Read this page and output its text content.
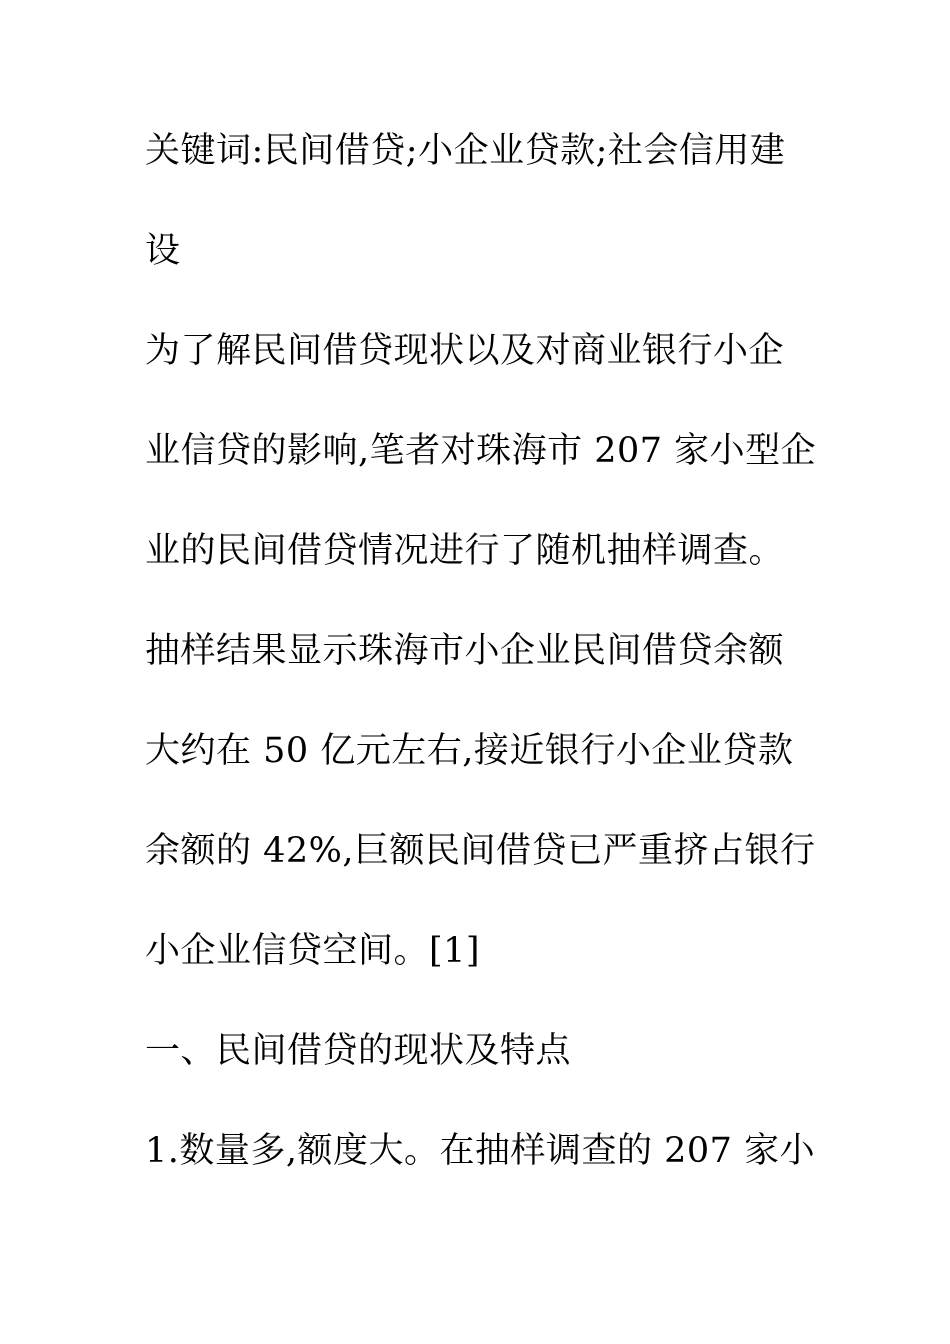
关键词:民间借贷;小企业贷款;社会信用建

设

为了解民间借贷现状以及对商业银行小企

业信贷的影响,笔者对珠海市 207 家小型企

业的民间借贷情况进行了随机抽样调查。

抽样结果显示珠海市小企业民间借贷余额

大约在 50 亿元左右,接近银行小企业贷款

余额的 42%,巨额民间借贷已严重挤占银行

小企业信贷空间。[1]

一、民间借贷的现状及特点

1.数量多,额度大。在抽样调查的 207 家小
